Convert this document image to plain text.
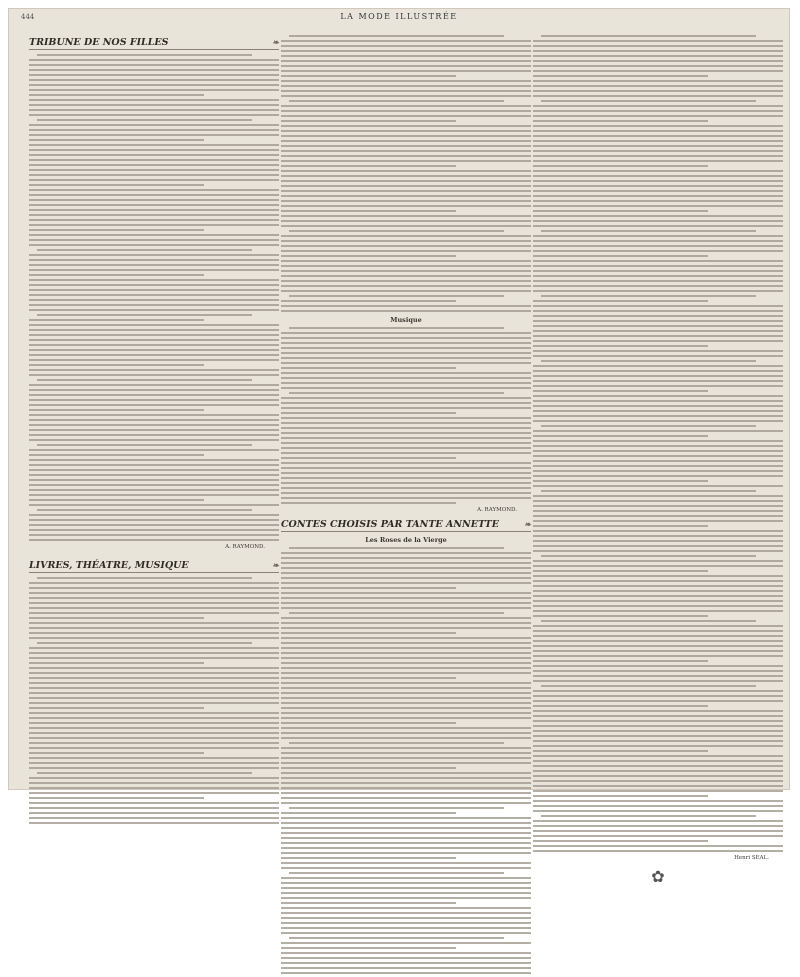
444	LA MODE ILLUSTRÉE
TRIBUNE DE NOS FILLES	❧
A. RAYMOND.
LIVRES, THÉATRE, MUSIQUE	❧
Musique
A. RAYMOND.
CONTES CHOISIS PAR TANTE ANNETTE	❧
Les Roses de la Vierge
Henri SEAL.
✿
